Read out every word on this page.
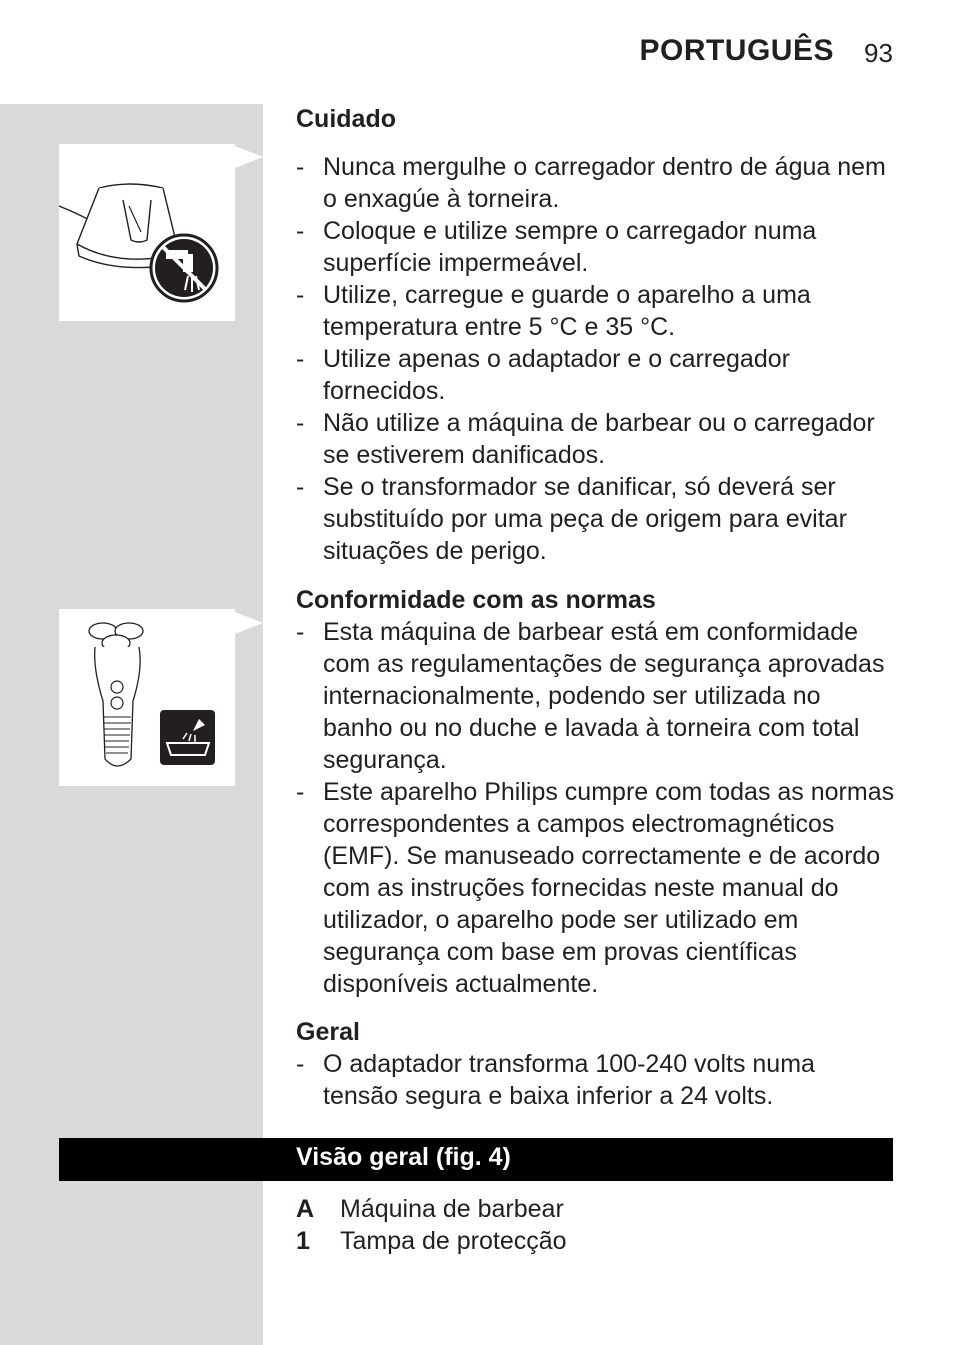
PORTUGUÊS 93
Cuidado
- Nunca mergulhe o carregador dentro de água nem o enxagúe à torneira.
- Coloque e utilize sempre o carregador numa superfície impermeável.
- Utilize, carregue e guarde o aparelho a uma temperatura entre 5 °C e 35 °C.
- Utilize apenas o adaptador e o carregador fornecidos.
- Não utilize a máquina de barbear ou o carregador se estiverem danificados.
- Se o transformador se danificar, só deverá ser substituído por uma peça de origem para evitar situações de perigo.
Conformidade com as normas
- Esta máquina de barbear está em conformidade com as regulamentações de segurança aprovadas internacionalmente, podendo ser utilizada no banho ou no duche e lavada à torneira com total segurança.
- Este aparelho Philips cumpre com todas as normas correspondentes a campos electromagnéticos (EMF). Se manuseado correctamente e de acordo com as instruções fornecidas neste manual do utilizador, o aparelho pode ser utilizado em segurança com base em provas científicas disponíveis actualmente.
Geral
- O adaptador transforma 100-240 volts numa tensão segura e baixa inferior a 24 volts.
Visão geral (fig. 4)
A Máquina de barbear
1 Tampa de protecção
